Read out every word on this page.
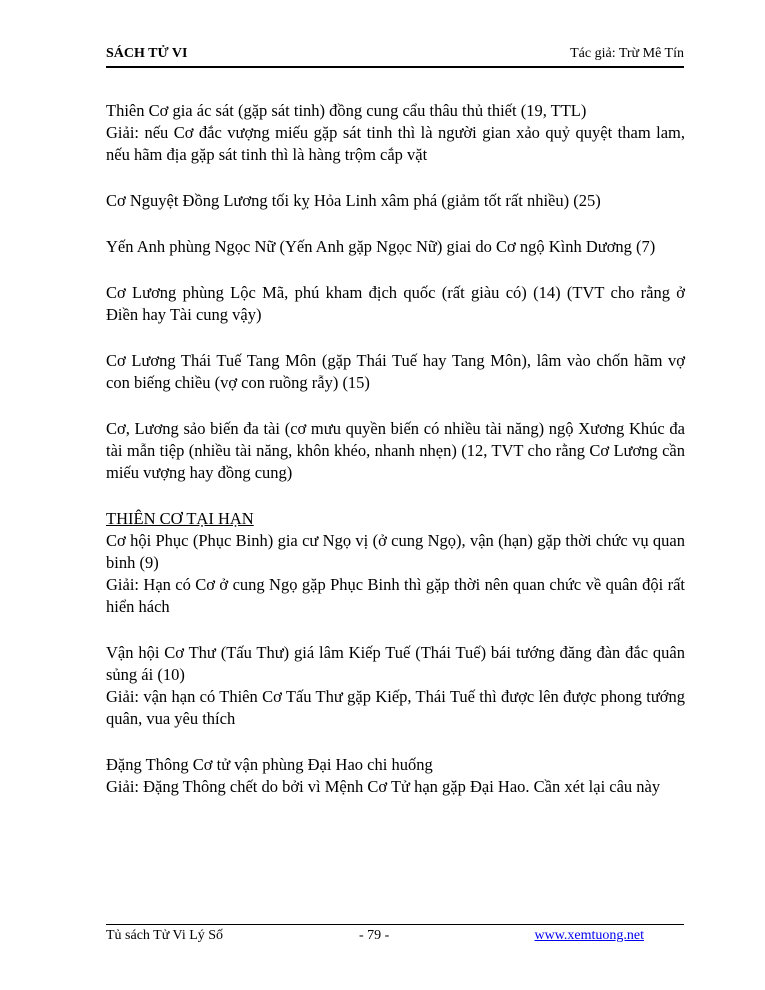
SÁCH TỬ VI	Tác giả: Trừ Mê Tín

Thiên Cơ gia ác sát (gặp sát tinh) đồng cung cẩu thâu thủ thiết (19, TTL)

Giải: nếu Cơ đắc vượng miếu gặp sát tinh thì là người gian xảo quỷ quyệt tham lam, nếu hãm địa gặp sát tinh thì là hàng trộm cắp vặt

Cơ Nguyệt Đồng Lương tối kỵ Hỏa Linh xâm phá (giảm tốt rất nhiều) (25)

Yến Anh phùng Ngọc Nữ (Yến Anh gặp Ngọc Nữ) giai do Cơ ngộ Kình Dương (7)

Cơ Lương phùng Lộc Mã, phú kham địch quốc (rất giàu có) (14) (TVT cho rằng ở Điền hay Tài cung vậy)

Cơ Lương Thái Tuế Tang Môn (gặp Thái Tuế hay Tang Môn), lâm vào chốn hãm vợ con biếng chiều (vợ con ruồng rẫy) (15)

Cơ, Lương sảo biến đa tài (cơ mưu quyền biến có nhiều tài năng) ngộ Xương Khúc đa tài mẫn tiệp (nhiều tài năng, khôn khéo, nhanh nhẹn) (12, TVT cho rằng Cơ Lương cần miếu vượng hay đồng cung)

THIÊN CƠ TẠI HẠN

Cơ hội Phục (Phục Binh) gia cư Ngọ vị (ở cung Ngọ), vận (hạn) gặp thời chức vụ quan binh (9)

Giải: Hạn có Cơ ở cung Ngọ gặp Phục Binh thì gặp thời nên quan chức về quân đội rất hiển hách

Vận hội Cơ Thư (Tấu Thư) giá lâm Kiếp Tuế (Thái Tuế) bái tướng đăng đàn đắc quân sủng ái (10)

Giải: vận hạn có Thiên Cơ Tấu Thư gặp Kiếp, Thái Tuế thì được lên được phong tướng quân, vua yêu thích

Đặng Thông Cơ tử vận phùng Đại Hao chi huống

Giải: Đặng Thông chết do bởi vì Mệnh Cơ Tử hạn gặp Đại Hao. Cần xét lại câu này

Tủ sách Tử Vi Lý Số	- 79 -	www.xemtuong.net
